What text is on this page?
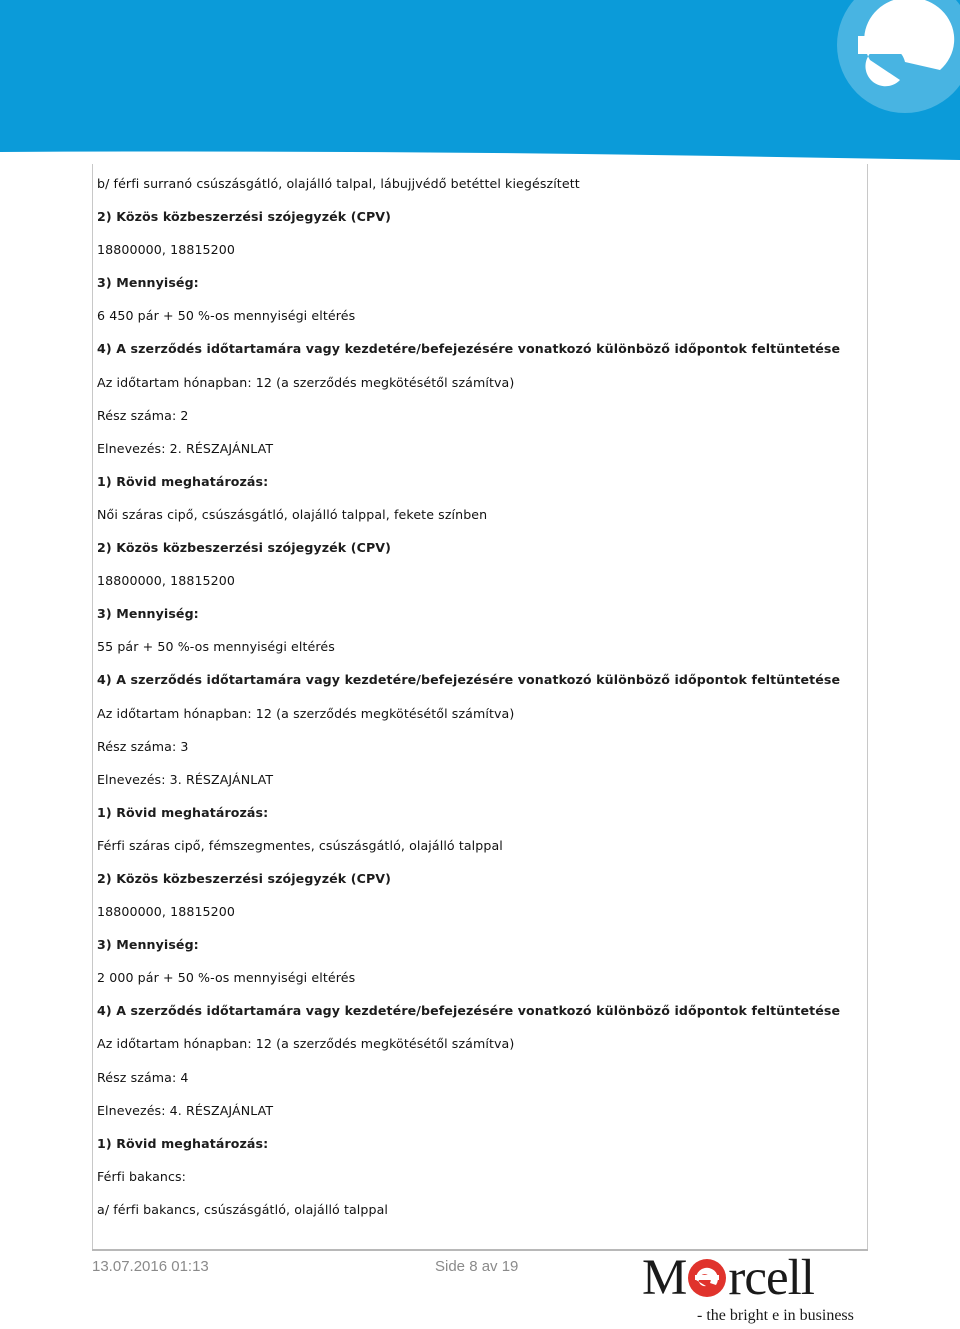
b/ férfi surranó csúszásgátló, olajálló talpal, lábujjvédő betéttel kiegészített
2) Közös közbeszerzési szójegyzék (CPV)
18800000, 18815200
3) Mennyiség:
6 450 pár + 50 %-os mennyiségi eltérés
4) A szerződés időtartamára vagy kezdetére/befejezésére vonatkozó különböző időpontok feltüntetése
Az időtartam hónapban: 12 (a szerződés megkötésétől számítva)
Rész száma: 2
Elnevezés: 2. RÉSZAJÁNLAT
1) Rövid meghatározás:
Női száras cipő, csúszásgátló, olajálló talppal, fekete színben
2) Közös közbeszerzési szójegyzék (CPV)
18800000, 18815200
3) Mennyiség:
55 pár + 50 %-os mennyiségi eltérés
4) A szerződés időtartamára vagy kezdetére/befejezésére vonatkozó különböző időpontok feltüntetése
Az időtartam hónapban: 12 (a szerződés megkötésétől számítva)
Rész száma: 3
Elnevezés: 3. RÉSZAJÁNLAT
1) Rövid meghatározás:
Férfi száras cipő, fémszegmentes, csúszásgátló, olajálló talppal
2) Közös közbeszerzési szójegyzék (CPV)
18800000, 18815200
3) Mennyiség:
2 000 pár + 50 %-os mennyiségi eltérés
4) A szerződés időtartamára vagy kezdetére/befejezésére vonatkozó különböző időpontok feltüntetése
Az időtartam hónapban: 12 (a szerződés megkötésétől számítva)
Rész száma: 4
Elnevezés: 4. RÉSZAJÁNLAT
1) Rövid meghatározás:
Férfi bakancs:
a/ férfi bakancs, csúszásgátló, olajálló talppal
13.07.2016 01:13	Side 8 av 19 M rcell
- the bright e in business
